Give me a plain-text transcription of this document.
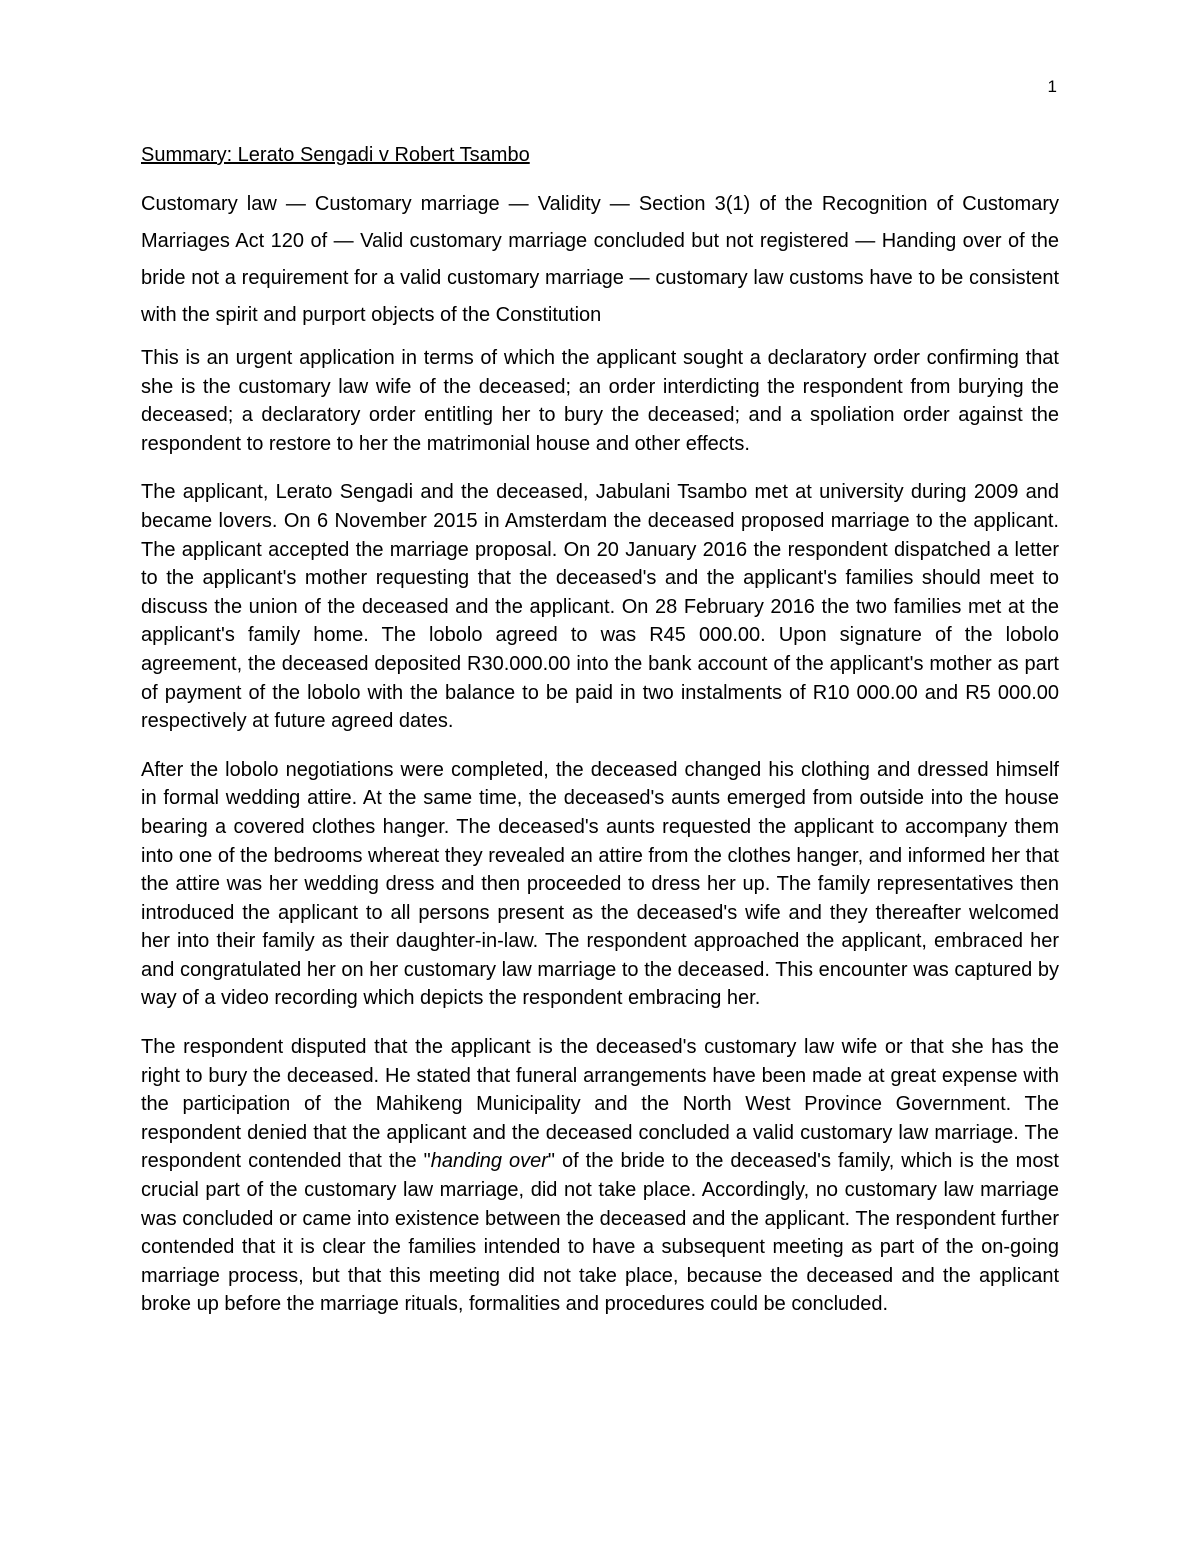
1
Summary: Lerato Sengadi v Robert Tsambo

Customary law — Customary marriage — Validity — Section 3(1) of the Recognition of Customary Marriages Act 120 of — Valid customary marriage concluded but not registered — Handing over of the bride not a requirement for a valid customary marriage — customary law customs have to be consistent with the spirit and purport objects of the Constitution

This is an urgent application in terms of which the applicant sought a declaratory order confirming that she is the customary law wife of the deceased; an order interdicting the respondent from burying the deceased; a declaratory order entitling her to bury the deceased; and a spoliation order against the respondent to restore to her the matrimonial house and other effects.

The applicant, Lerato Sengadi and the deceased, Jabulani Tsambo met at university during 2009 and became lovers. On 6 November 2015 in Amsterdam the deceased proposed marriage to the applicant. The applicant accepted the marriage proposal. On 20 January 2016 the respondent dispatched a letter to the applicant's mother requesting that the deceased's and the applicant's families should meet to discuss the union of the deceased and the applicant. On 28 February 2016 the two families met at the applicant's family home. The lobolo agreed to was R45 000.00. Upon signature of the lobolo agreement, the deceased deposited R30.000.00 into the bank account of the applicant's mother as part of payment of the lobolo with the balance to be paid in two instalments of R10 000.00 and R5 000.00 respectively at future agreed dates.

After the lobolo negotiations were completed, the deceased changed his clothing and dressed himself in formal wedding attire. At the same time, the deceased's aunts emerged from outside into the house bearing a covered clothes hanger. The deceased's aunts requested the applicant to accompany them into one of the bedrooms whereat they revealed an attire from the clothes hanger, and informed her that the attire was her wedding dress and then proceeded to dress her up. The family representatives then introduced the applicant to all persons present as the deceased's wife and they thereafter welcomed her into their family as their daughter-in-law. The respondent approached the applicant, embraced her and congratulated her on her customary law marriage to the deceased. This encounter was captured by way of a video recording which depicts the respondent embracing her.

The respondent disputed that the applicant is the deceased's customary law wife or that she has the right to bury the deceased. He stated that funeral arrangements have been made at great expense with the participation of the Mahikeng Municipality and the North West Province Government. The respondent denied that the applicant and the deceased concluded a valid customary law marriage. The respondent contended that the "handing over" of the bride to the deceased's family, which is the most crucial part of the customary law marriage, did not take place. Accordingly, no customary law marriage was concluded or came into existence between the deceased and the applicant. The respondent further contended that it is clear the families intended to have a subsequent meeting as part of the on-going marriage process, but that this meeting did not take place, because the deceased and the applicant broke up before the marriage rituals, formalities and procedures could be concluded.
